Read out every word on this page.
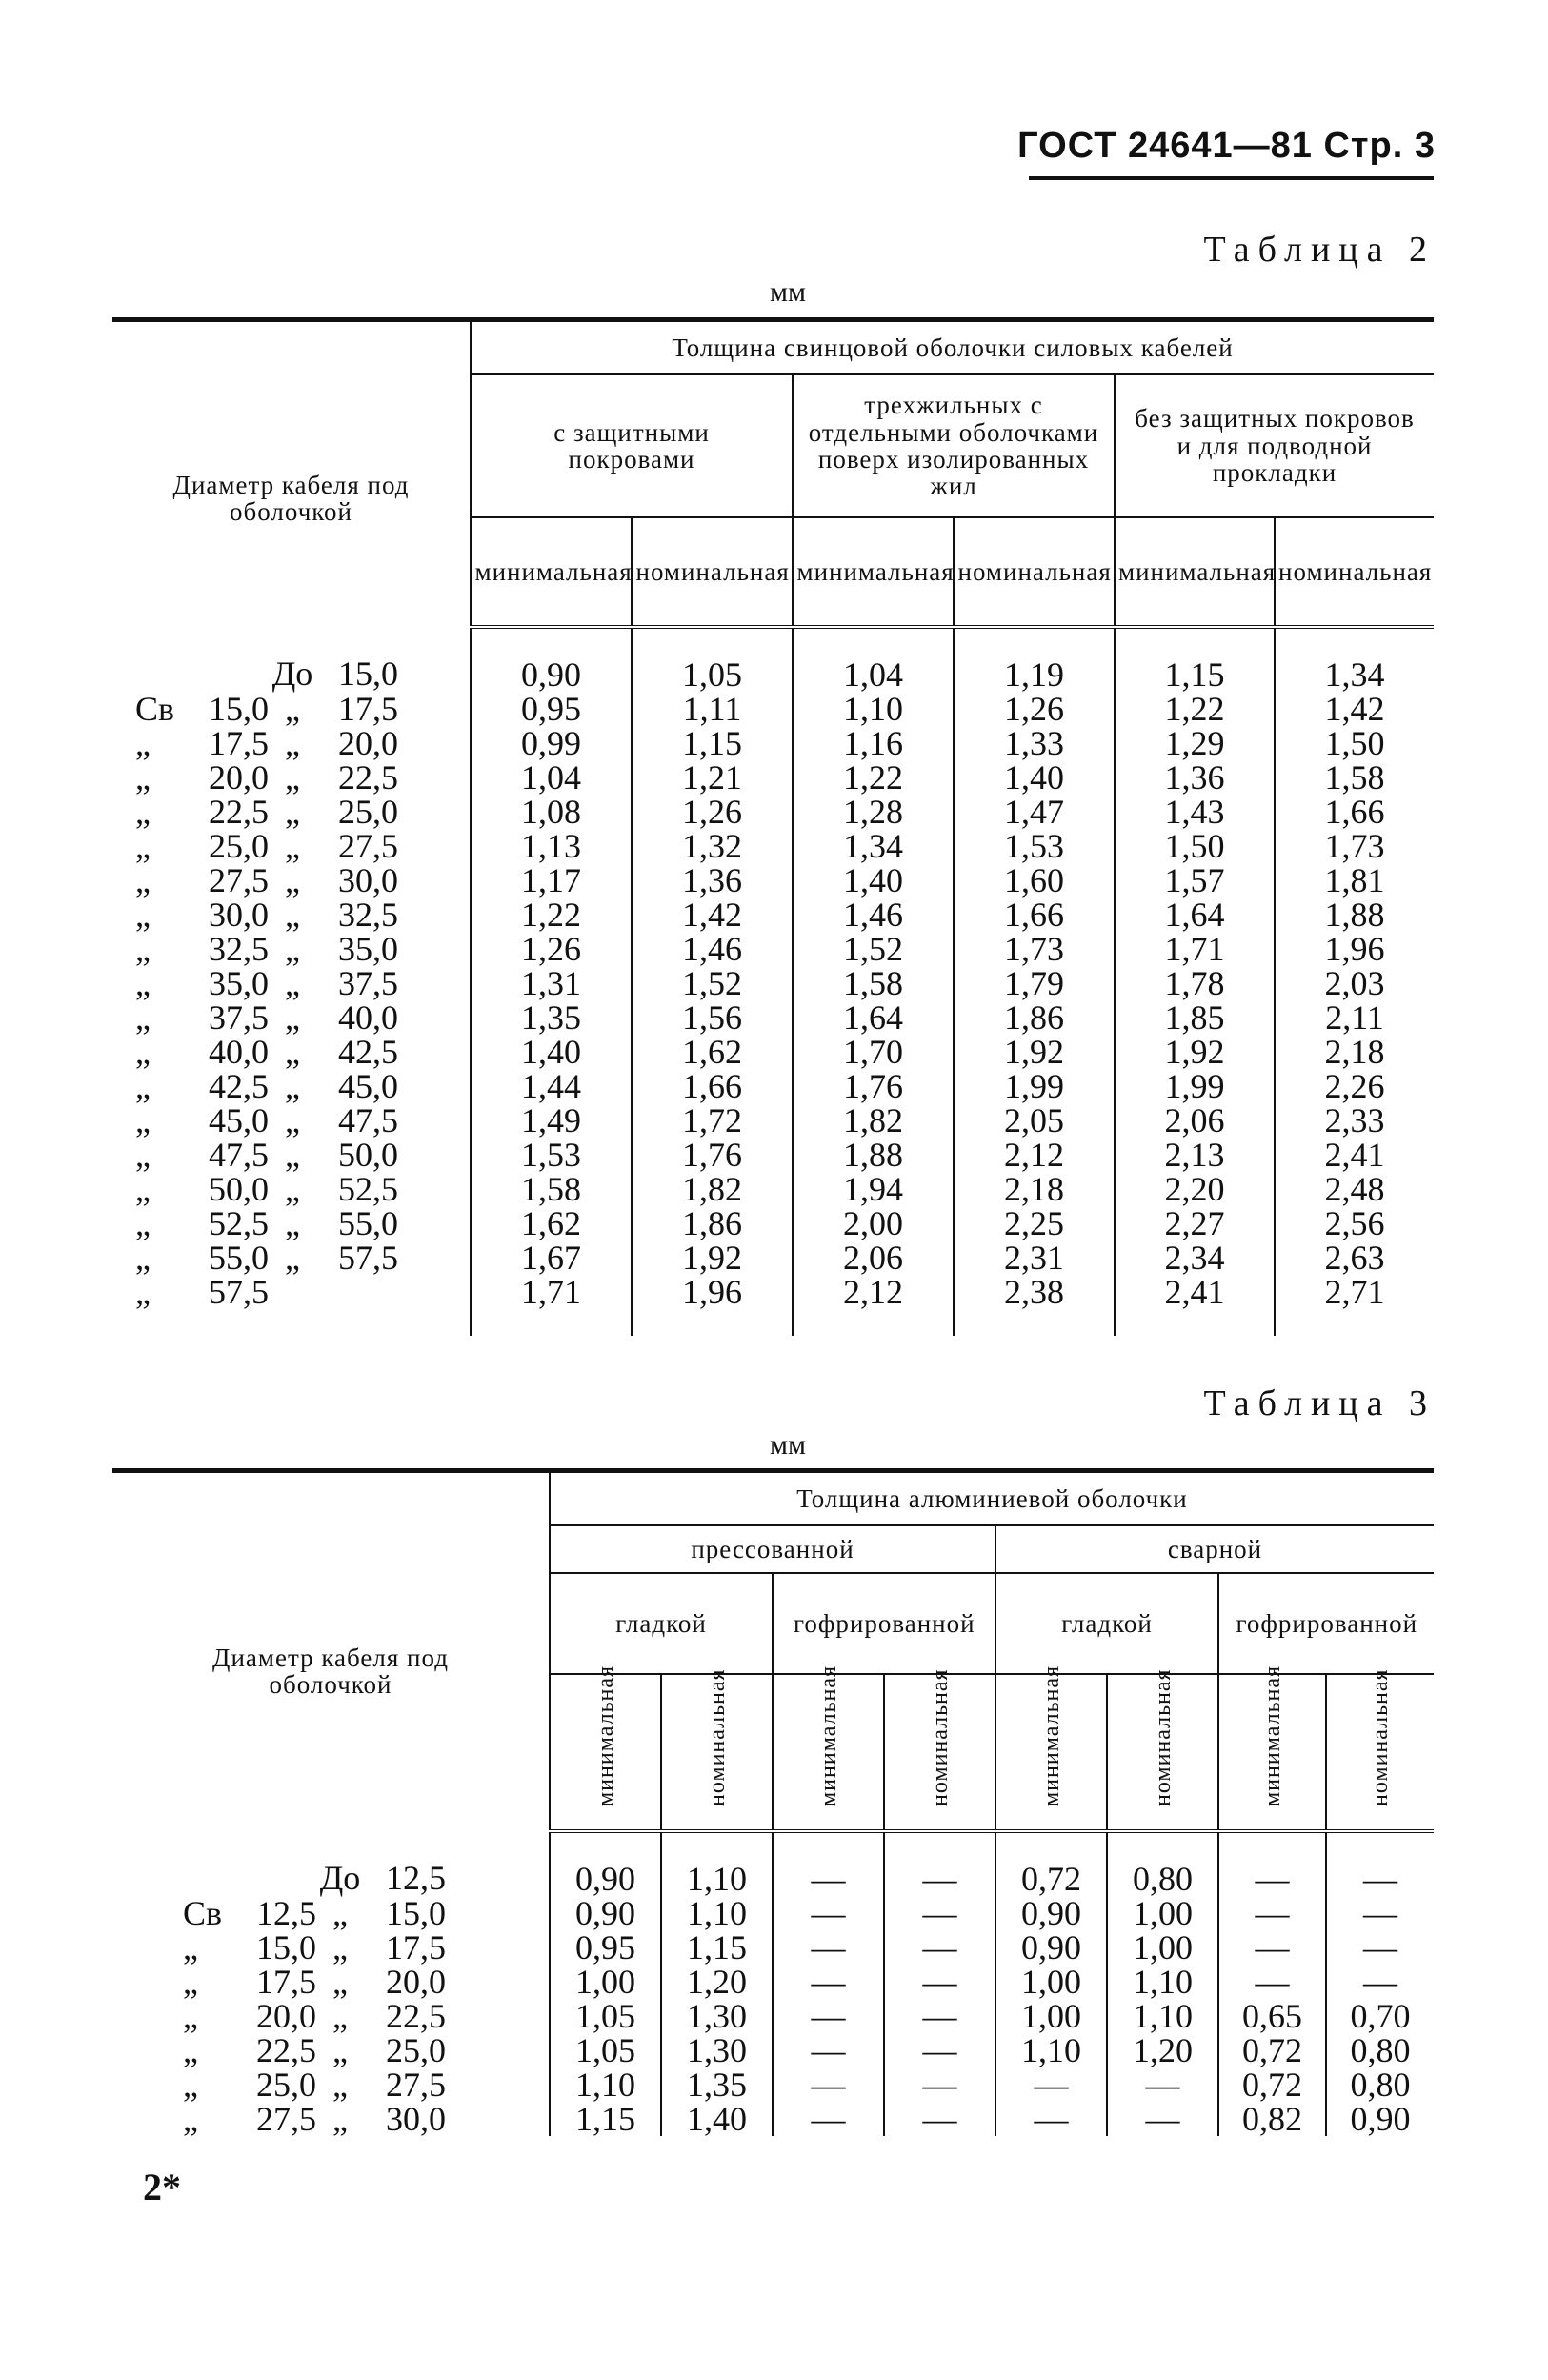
ГОСТ 24641—81 Стр. 3
Таблица 2
мм
Диаметр кабеля под оболочкой	Толщина свинцовой оболочки силовых кабелей					
	с защитными покровами		трехжильных с отдельными оболочками поверх изолированных жил		без защитных покровов и для подводной прокладки	
	минимальная	номинальная	минимальная	номинальная	минимальная	номинальная

До 15,0	0,90	1,05	1,04	1,19	1,15	1,34

Св 15,0 „ 17,5	0,95	1,11	1,10	1,26	1,22	1,42

„ 17,5 „ 20,0	0,99	1,15	1,16	1,33	1,29	1,50

„ 20,0 „ 22,5	1,04	1,21	1,22	1,40	1,36	1,58

„ 22,5 „ 25,0	1,08	1,26	1,28	1,47	1,43	1,66

„ 25,0 „ 27,5	1,13	1,32	1,34	1,53	1,50	1,73

„ 27,5 „ 30,0	1,17	1,36	1,40	1,60	1,57	1,81

„ 30,0 „ 32,5	1,22	1,42	1,46	1,66	1,64	1,88

„ 32,5 „ 35,0	1,26	1,46	1,52	1,73	1,71	1,96

„ 35,0 „ 37,5	1,31	1,52	1,58	1,79	1,78	2,03

„ 37,5 „ 40,0	1,35	1,56	1,64	1,86	1,85	2,11

„ 40,0 „ 42,5	1,40	1,62	1,70	1,92	1,92	2,18

„ 42,5 „ 45,0	1,44	1,66	1,76	1,99	1,99	2,26

„ 45,0 „ 47,5	1,49	1,72	1,82	2,05	2,06	2,33

„ 47,5 „ 50,0	1,53	1,76	1,88	2,12	2,13	2,41

„ 50,0 „ 52,5	1,58	1,82	1,94	2,18	2,20	2,48

„ 52,5 „ 55,0	1,62	1,86	2,00	2,25	2,27	2,56

„ 55,0 „ 57,5	1,67	1,92	2,06	2,31	2,34	2,63

„ 57,5	1,71	1,96	2,12	2,38	2,41	2,71
Таблица 3
мм
Диаметр кабеля под оболочкой	Толщина алюминиевой оболочки							
	прессованной				сварной			
	гладкой		гофрированной		гладкой		гофрированной	
	минимальная	номинальная	минимальная	номинальная	минимальная	номинальная	минимальная	номинальная

До 12,5	0,90	1,10	—	—	0,72	0,80	—	—

Св 12,5 „ 15,0	0,90	1,10	—	—	0,90	1,00	—	—

„ 15,0 „ 17,5	0,95	1,15	—	—	0,90	1,00	—	—

„ 17,5 „ 20,0	1,00	1,20	—	—	1,00	1,10	—	—

„ 20,0 „ 22,5	1,05	1,30	—	—	1,00	1,10	0,65	0,70

„ 22,5 „ 25,0	1,05	1,30	—	—	1,10	1,20	0,72	0,80

„ 25,0 „ 27,5	1,10	1,35	—	—	—	—	0,72	0,80

„ 27,5 „ 30,0	1,15	1,40	—	—	—	—	0,82	0,90
2*
